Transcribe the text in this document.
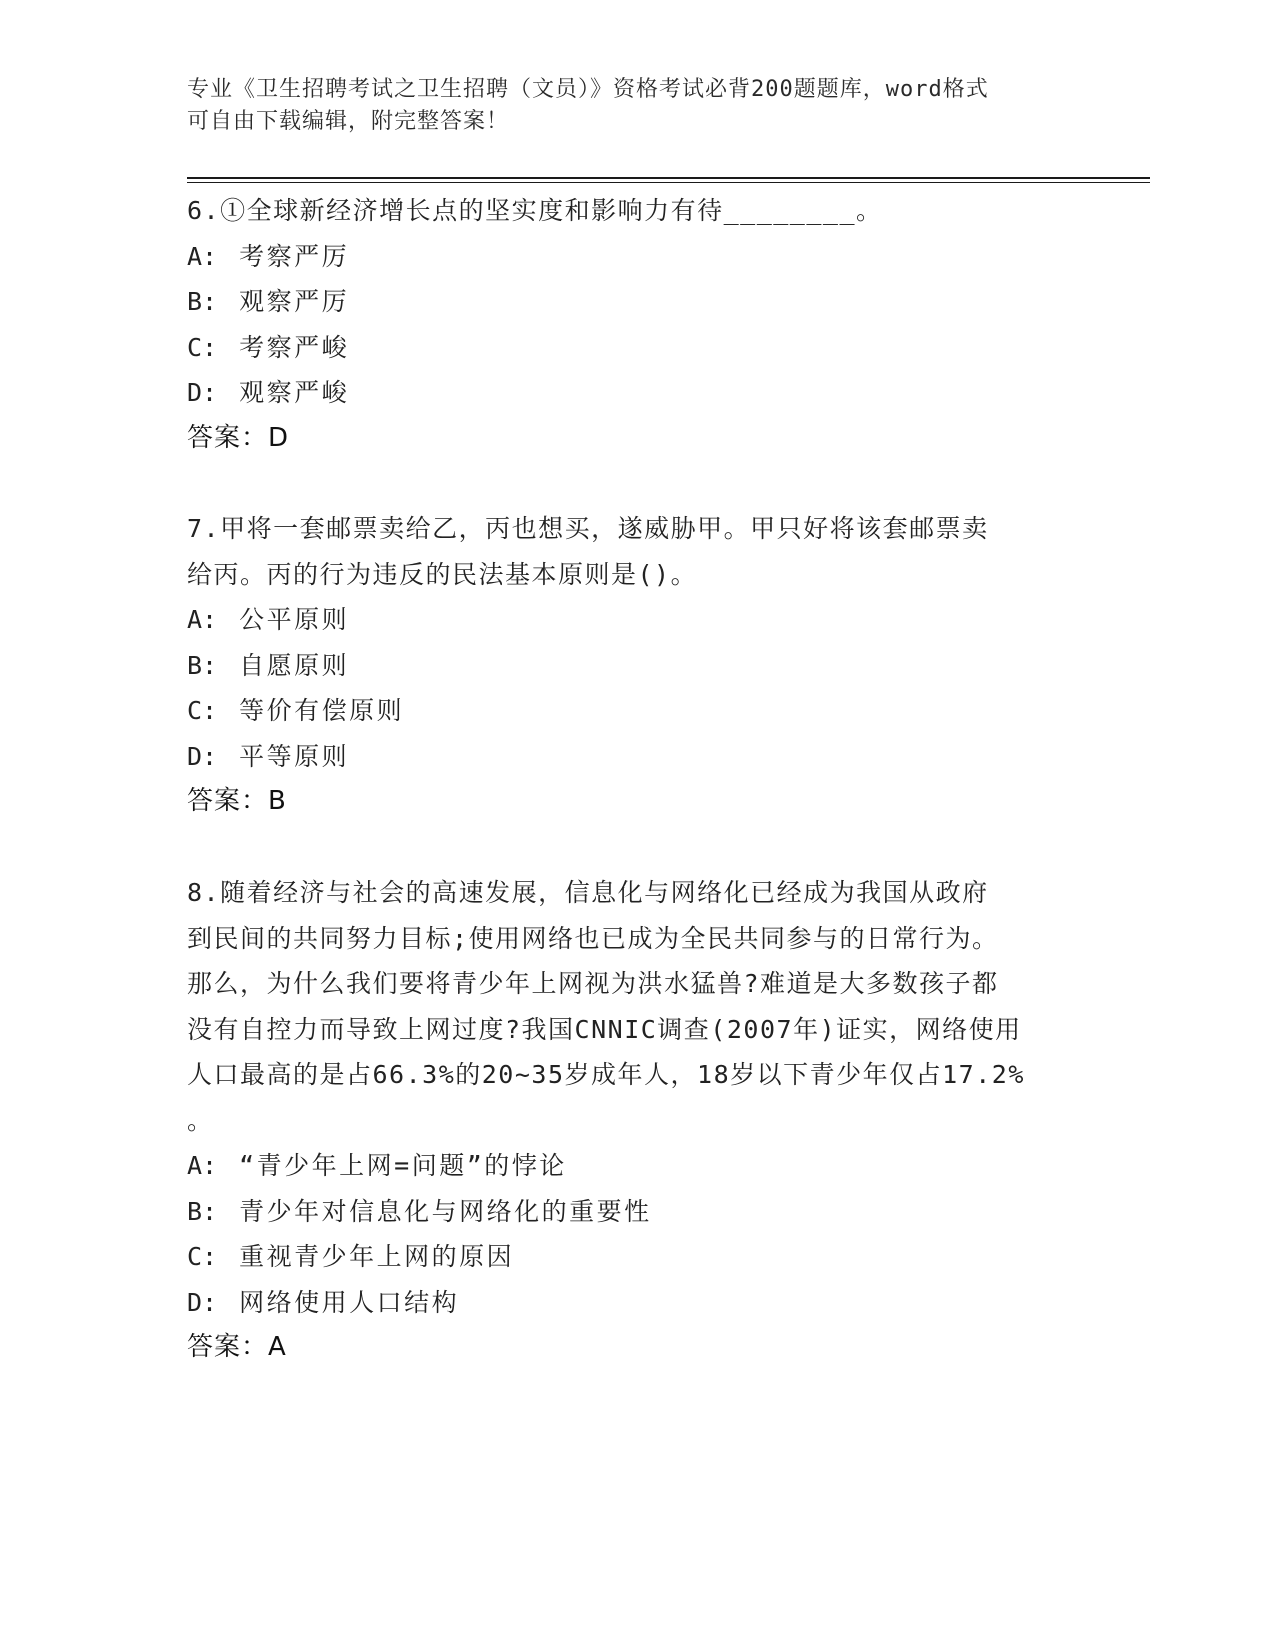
专业《卫生招聘考试之卫生招聘（文员）》资格考试必背200题题库，word格式
可自由下载编辑，附完整答案！
6.①全球新经济增长点的坚实度和影响力有待________。
A: 考察严厉
B: 观察严厉
C: 考察严峻
D: 观察严峻
答案：D
7.甲将一套邮票卖给乙，丙也想买，遂威胁甲。甲只好将该套邮票卖
给丙。丙的行为违反的民法基本原则是()。
A: 公平原则
B: 自愿原则
C: 等价有偿原则
D: 平等原则
答案：B
8.随着经济与社会的高速发展，信息化与网络化已经成为我国从政府
到民间的共同努力目标;使用网络也已成为全民共同参与的日常行为。
那么，为什么我们要将青少年上网视为洪水猛兽?难道是大多数孩子都
没有自控力而导致上网过度?我国CNNIC调查(2007年)证实，网络使用
人口最高的是占66.3%的20~35岁成年人，18岁以下青少年仅占17.2%
。
A: “青少年上网=问题”的悖论
B: 青少年对信息化与网络化的重要性
C: 重视青少年上网的原因
D: 网络使用人口结构
答案：A
